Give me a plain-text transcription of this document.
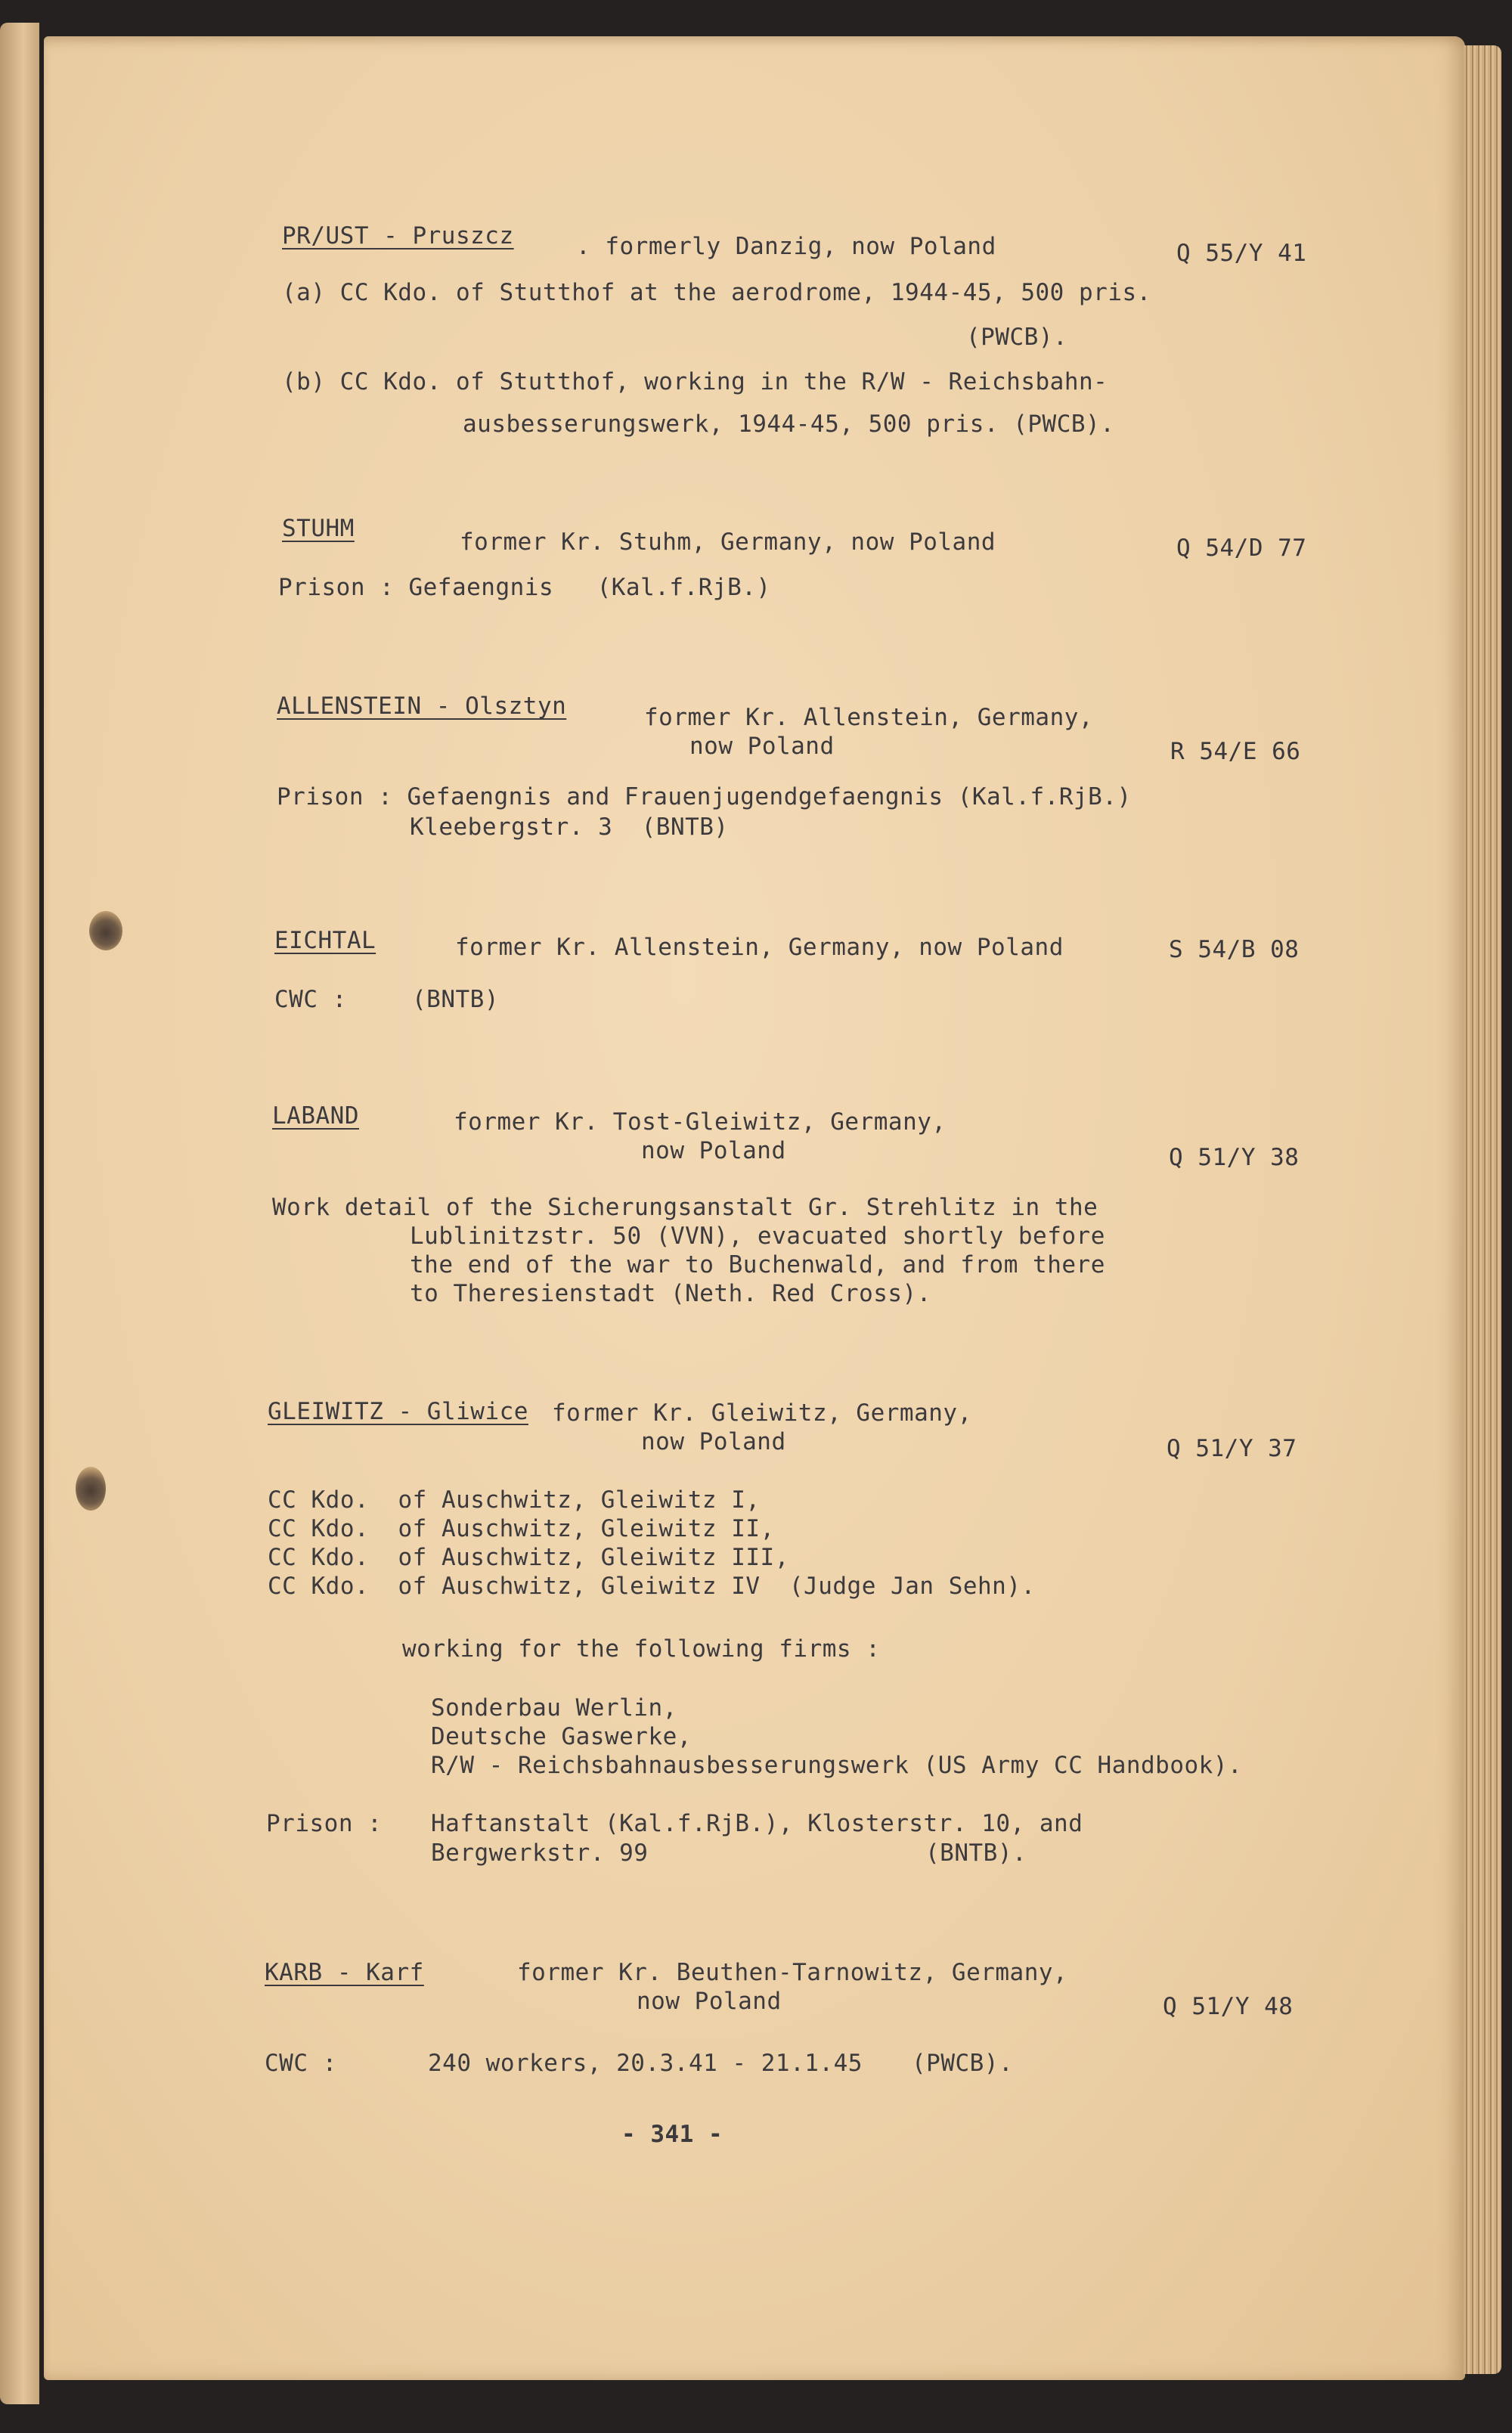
PR/UST - Pruszcz	. formerly Danzig, now Poland	Q 55/Y 41

(a) CC Kdo. of Stutthof at the aerodrome, 1944-45, 500 pris.

(PWCB).

(b) CC Kdo. of Stutthof, working in the R/W - Reichsbahn-

ausbesserungswerk, 1944-45, 500 pris. (PWCB).

STUHM	former Kr. Stuhm, Germany, now Poland	Q 54/D 77

Prison : Gefaengnis   (Kal.f.RjB.)

ALLENSTEIN - Olsztyn	former Kr. Allenstein, Germany,

now Poland	R 54/E 66

Prison : Gefaengnis and Frauenjugendgefaengnis (Kal.f.RjB.)

Kleebergstr. 3  (BNTB)

EICHTAL	former Kr. Allenstein, Germany, now Poland	S 54/B 08

CWC :	(BNTB)

LABAND	former Kr. Tost-Gleiwitz, Germany,

now Poland	Q 51/Y 38

Work detail of the Sicherungsanstalt Gr. Strehlitz in the

Lublinitzstr. 50 (VVN), evacuated shortly before

the end of the war to Buchenwald, and from there

to Theresienstadt (Neth. Red Cross).

GLEIWITZ - Gliwice former Kr. Gleiwitz, Germany,

now Poland	Q 51/Y 37

CC Kdo.  of Auschwitz, Gleiwitz I,

CC Kdo.  of Auschwitz, Gleiwitz II,

CC Kdo.  of Auschwitz, Gleiwitz III,

CC Kdo.  of Auschwitz, Gleiwitz IV  (Judge Jan Sehn).

working for the following firms :

Sonderbau Werlin,

Deutsche Gaswerke,

R/W - Reichsbahnausbesserungswerk (US Army CC Handbook).

Prison : Haftanstalt (Kal.f.RjB.), Klosterstr. 10, and

Bergwerkstr. 99	(BNTB).

KARB - Karf	former Kr. Beuthen-Tarnowitz, Germany,

now Poland	Q 51/Y 48

CWC :	240 workers, 20.3.41 - 21.1.45 (PWCB).

- 341 -
